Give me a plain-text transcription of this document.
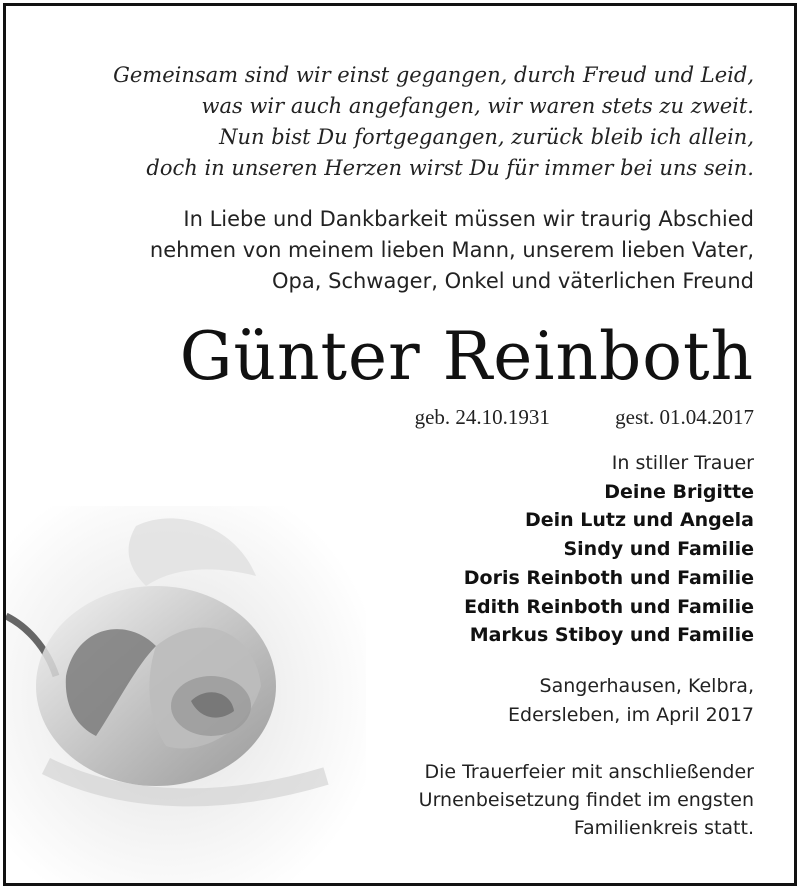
Gemeinsam sind wir einst gegangen, durch Freud und Leid,
was wir auch angefangen, wir waren stets zu zweit.
Nun bist Du fortgegangen, zurück bleib ich allein,
doch in unseren Herzen wirst Du für immer bei uns sein.
In Liebe und Dankbarkeit müssen wir traurig Abschied
nehmen von meinem lieben Mann, unserem lieben Vater,
Opa, Schwager, Onkel und väterlichen Freund
Günter Reinboth
geb. 24.10.1931	gest. 01.04.2017
In stiller Trauer
Deine Brigitte
Dein Lutz und Angela
Sindy und Familie
Doris Reinboth und Familie
Edith Reinboth und Familie
Markus Stiboy und Familie
Sangerhausen, Kelbra,
Edersleben, im April 2017
Die Trauerfeier mit anschließender
Urnenbeisetzung findet im engsten
Familienkreis statt.
